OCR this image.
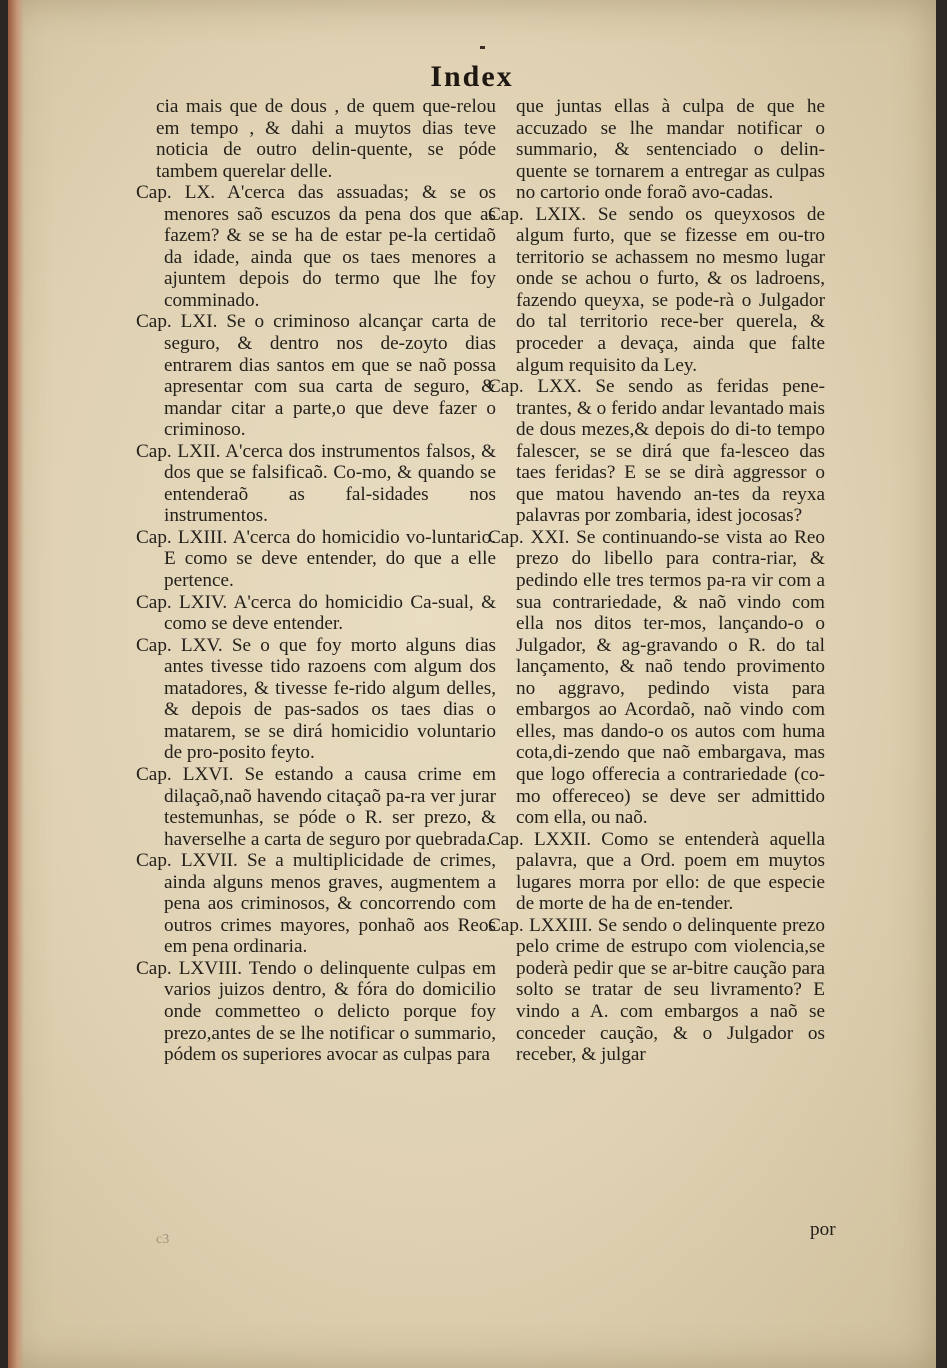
Index

cia mais que de dous , de quem que-relou em tempo , & dahi a muytos dias teve noticia de outro delin-quente, se póde tambem querelar delle.

Cap. LX. A'cerca das assuadas; & se os menores saõ escuzos da pena dos que as fazem? & se se ha de estar pe-la certidaõ da idade, ainda que os taes menores a ajuntem depois do termo que lhe foy comminado.

Cap. LXI. Se o criminoso alcançar carta de seguro, & dentro nos de-zoyto dias entrarem dias santos em que se naõ possa apresentar com sua carta de seguro, & mandar citar a parte,o que deve fazer o criminoso.

Cap. LXII. A'cerca dos instrumentos falsos, & dos que se falsificaõ. Co-mo, & quando se entenderaõ as fal-sidades nos instrumentos.

Cap. LXIII. A'cerca do homicidio vo-luntario. E como se deve entender, do que a elle pertence.

Cap. LXIV. A'cerca do homicidio Ca-sual, & como se deve entender.

Cap. LXV. Se o que foy morto alguns dias antes tivesse tido razoens com algum dos matadores, & tivesse fe-rido algum delles, & depois de pas-sados os taes dias o matarem, se se dirá homicidio voluntario de pro-posito feyto.

Cap. LXVI. Se estando a causa crime em dilaçaõ,naõ havendo citaçaõ pa-ra ver jurar testemunhas, se póde o R. ser prezo, & haverselhe a carta de seguro por quebrada.

Cap. LXVII. Se a multiplicidade de crimes, ainda alguns menos graves, augmentem a pena aos criminosos, & concorrendo com outros crimes mayores, ponhaõ aos Reos em pena ordinaria.

Cap. LXVIII. Tendo o delinquente culpas em varios juizos dentro, & fóra do domicilio onde commetteo o delicto porque foy prezo,antes de se lhe notificar o summario, pódem os superiores avocar as culpas para

que juntas ellas à culpa de que he accuzado se lhe mandar notificar o summario, & sentenciado o delin-quente se tornarem a entregar as culpas no cartorio onde foraõ avo-cadas.

Cap. LXIX. Se sendo os queyxosos de algum furto, que se fizesse em ou-tro territorio se achassem no mesmo lugar onde se achou o furto, & os ladroens, fazendo queyxa, se pode-rà o Julgador do tal territorio rece-ber querela, & proceder a devaça, ainda que falte algum requisito da Ley.

Cap. LXX. Se sendo as feridas pene-trantes, & o ferido andar levantado mais de dous mezes,& depois do di-to tempo falescer, se se dirá que fa-lesceo das taes feridas? E se se dirà aggressor o que matou havendo an-tes da reyxa palavras por zombaria, idest jocosas?

Cap. XXI. Se continuando-se vista ao Reo prezo do libello para contra-riar, & pedindo elle tres termos pa-ra vir com a sua contrariedade, & naõ vindo com ella nos ditos ter-mos, lançando-o o Julgador, & ag-gravando o R. do tal lançamento, & naõ tendo provimento no aggravo, pedindo vista para embargos ao Acordaõ, naõ vindo com elles, mas dando-o os autos com huma cota,di-zendo que naõ embargava, mas que logo offerecia a contrariedade (co-mo offereceo) se deve ser admittido com ella, ou naõ.

Cap. LXXII. Como se entenderà aquella palavra, que a Ord. poem em muytos lugares morra por ello: de que especie de morte de ha de en-tender.

Cap. LXXIII. Se sendo o delinquente prezo pelo crime de estrupo com violencia,se poderà pedir que se ar-bitre caução para solto se tratar de seu livramento? E vindo a A. com embargos a naõ se conceder caução, & o Julgador os receber, & julgar

por
c3
